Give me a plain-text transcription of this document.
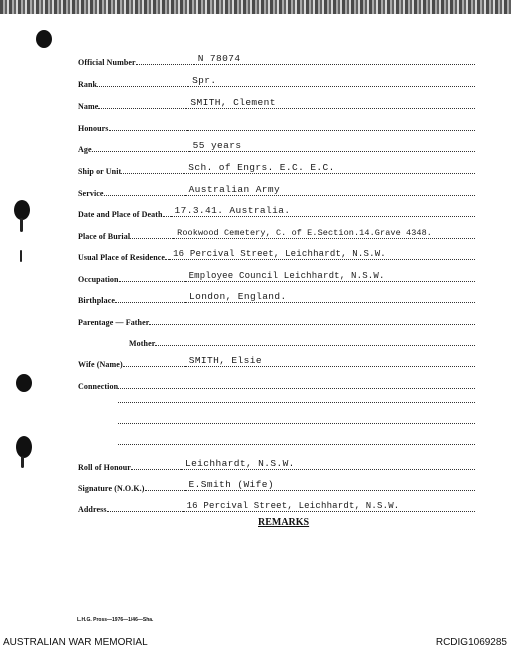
Official Number	N 78074
Rank	Spr.
Name	SMITH, Clement
Honours
Age	55 years
Ship or Unit	Sch. of Engrs. E.C. E.C.
Service	Australian Army
Date and Place of Death 17.3.41. Australia.
Place of Burial	Rookwood Cemetery, C. of E.Section.14.Grave 4348.
Usual Place of Residence 16 Percival Street, Leichhardt, N.S.W.
Occupation	Employee Council Leichhardt, N.S.W.
Birthplace	London, England.
Parentage — Father
Mother
Wife (Name)	SMITH, Elsie
Connection
Roll of Honour	Leichhardt, N.S.W.
Signature (N.O.K.)	E.Smith (Wife)
Address	16 Percival Street, Leichhardt, N.S.W.
REMARKS
L.H.G. Pross—1976—1/46—Sha.
AUSTRALIAN WAR MEMORIAL	RCDIG1069285
